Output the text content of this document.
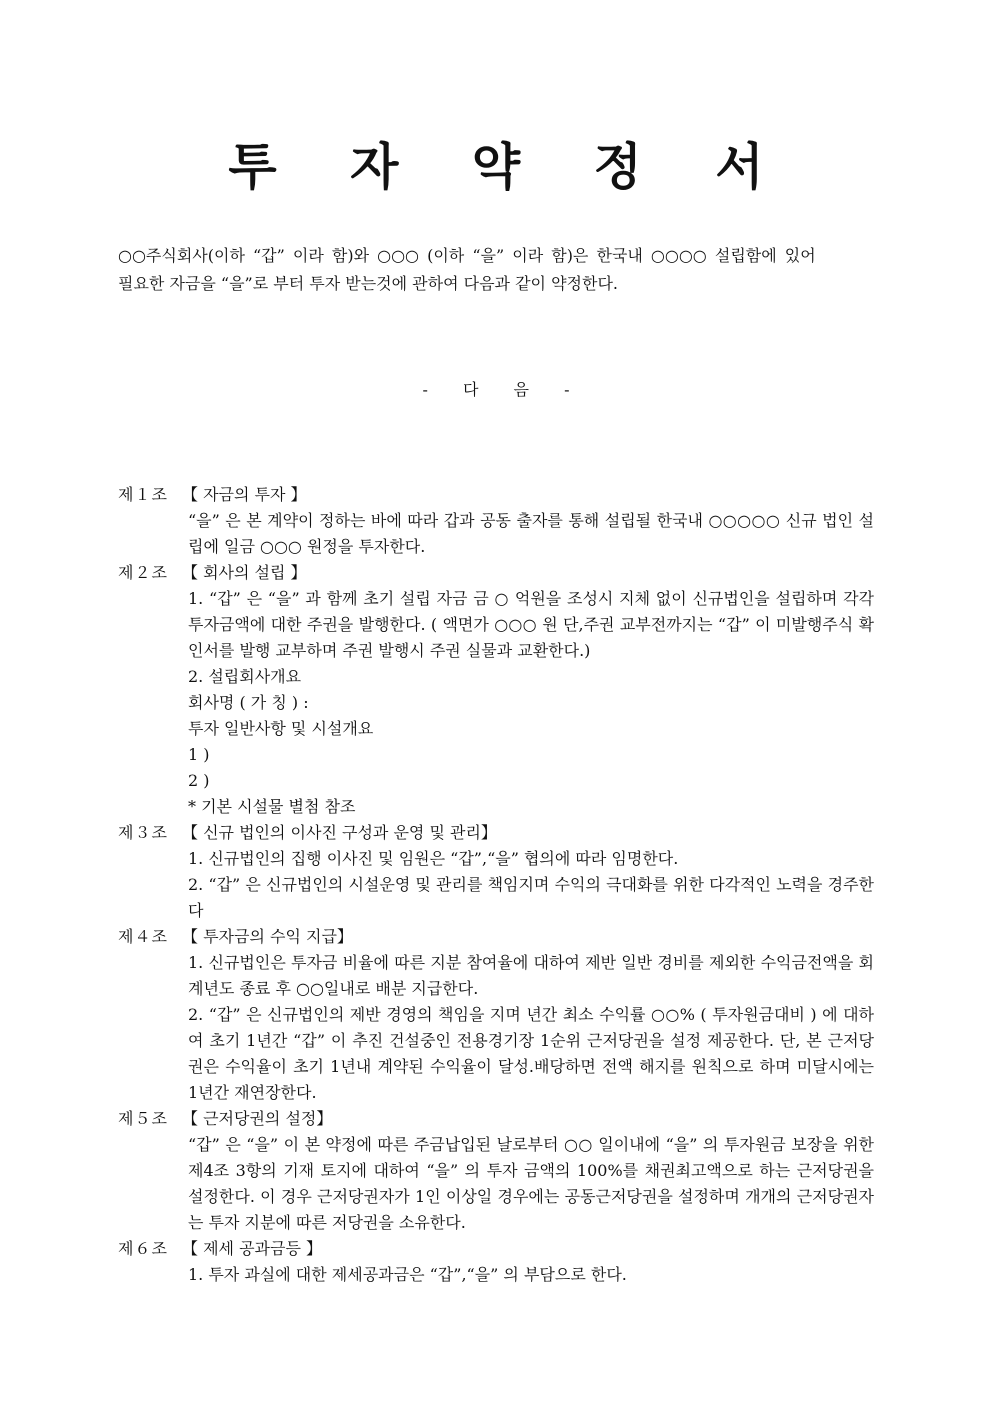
투 자 약 정 서

○○주식회사(이하 “갑” 이라 함)와 ○○○ (이하 “을” 이라 함)은 한국내 ○○○○ 설립함에 있어

필요한 자금을 “을”로 부터 투자 받는것에 관하여 다음과 같이 약정한다.

- 다 음 -
제１조 【 자금의 투자 】

“을” 은 본 계약이 정하는 바에 따라 갑과 공동 출자를 통해 설립될 한국내 ○○○○○ 신규 법인 설립에 일금 ○○○ 원정을 투자한다.

제２조 【 회사의 설립 】

1. “갑” 은 “을” 과 함께 초기 설립 자금 금 ○ 억원을 조성시 지체 없이 신규법인을 설립하며 각각 투자금액에 대한 주권을 발행한다. ( 액면가 ○○○ 원 단,주권 교부전까지는 “갑” 이 미발행주식 확인서를 발행 교부하며 주권 발행시 주권 실물과 교환한다.)

2. 설립회사개요

회사명 ( 가 칭 ) :

투자 일반사항 및 시설개요

1 )

2 )

* 기본 시설물 별첨 참조

제３조 【 신규 법인의 이사진 구성과 운영 및 관리】

1. 신규법인의 집행 이사진 및 임원은 “갑”,“을” 협의에 따라 임명한다.

2. “갑” 은 신규법인의 시설운영 및 관리를 책임지며 수익의 극대화를 위한 다각적인 노력을 경주한다

제４조 【 투자금의 수익 지급】

1. 신규법인은 투자금 비율에 따른 지분 참여율에 대하여 제반 일반 경비를 제외한 수익금전액을 회계년도 종료 후 ○○일내로 배분 지급한다.

2. “갑” 은 신규법인의 제반 경영의 책임을 지며 년간 최소 수익률 ○○% ( 투자원금대비 ) 에 대하여 초기 1년간 “갑” 이 추진 건설중인 전용경기장 1순위 근저당권을 설정 제공한다. 단, 본 근저당권은 수익율이 초기 1년내 계약된 수익율이 달성.배당하면 전액 해지를 원칙으로 하며 미달시에는 1년간 재연장한다.

제５조 【 근저당권의 설정】

“갑” 은 “을” 이 본 약정에 따른 주금납입된 날로부터 ○○ 일이내에 “을” 의 투자원금 보장을 위한 제4조 3항의 기재 토지에 대하여 “을” 의 투자 금액의 100%를 채권최고액으로 하는 근저당권을 설정한다. 이 경우 근저당권자가 1인 이상일 경우에는 공동근저당권을 설정하며 개개의 근저당권자는 투자 지분에 따른 저당권을 소유한다.

제６조 【 제세 공과금등 】

1. 투자 과실에 대한 제세공과금은 “갑”,“을” 의 부담으로 한다.
